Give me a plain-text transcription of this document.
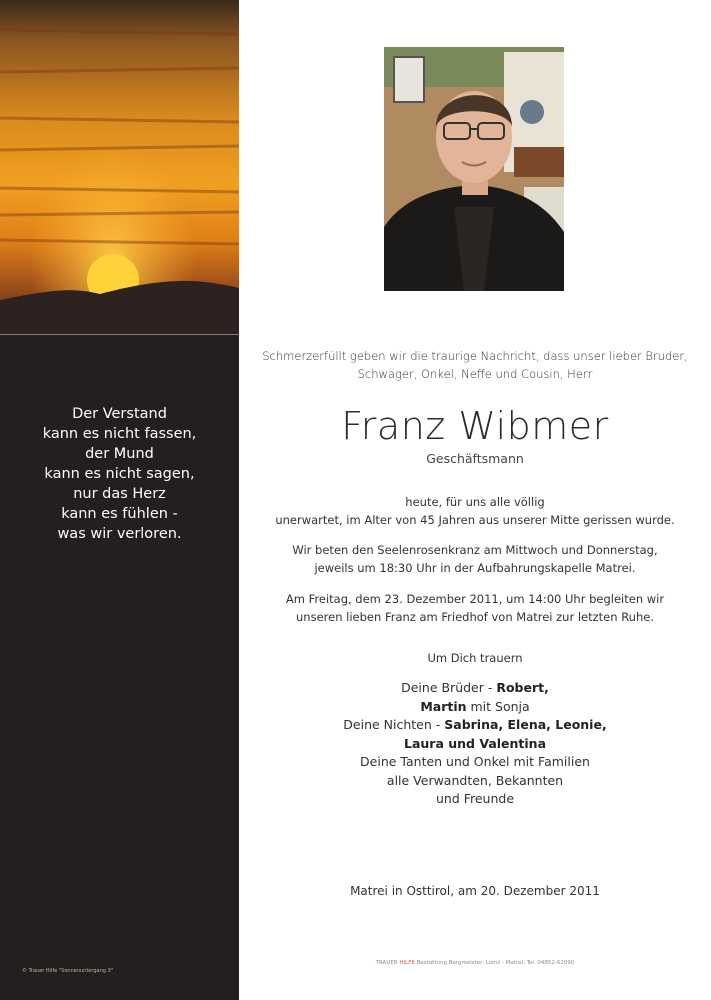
Der Verstand
kann es nicht fassen,
der Mund
kann es nicht sagen,
nur das Herz
kann es fühlen -
was wir verloren.
© Trauer Hilfe "Sonnenuntergang 3"
Schmerzerfüllt geben wir die traurige Nachricht, dass unser lieber Bruder,
Schwager, Onkel, Neffe und Cousin, Herr
Franz Wibmer
Geschäftsmann
heute, für uns alle völlig
unerwartet, im Alter von 45 Jahren aus unserer Mitte gerissen wurde.
Wir beten den Seelenrosenkranz am Mittwoch und Donnerstag,
jeweils um 18:30 Uhr in der Aufbahrungskapelle Matrei.
Am Freitag, dem 23. Dezember 2011, um 14:00 Uhr begleiten wir
unseren lieben Franz am Friedhof von Matrei zur letzten Ruhe.
Um Dich trauern
Deine Brüder - Robert,
Martin mit Sonja
Deine Nichten - Sabrina, Elena, Leonie,
Laura und Valentina
Deine Tanten und Onkel mit Familien
alle Verwandten, Bekannten
und Freunde
Matrei in Osttirol, am 20. Dezember 2011
TRAUER HILFE Bestattung Bergmeister, Lienz - Matrei, Tel. 04852-62090
